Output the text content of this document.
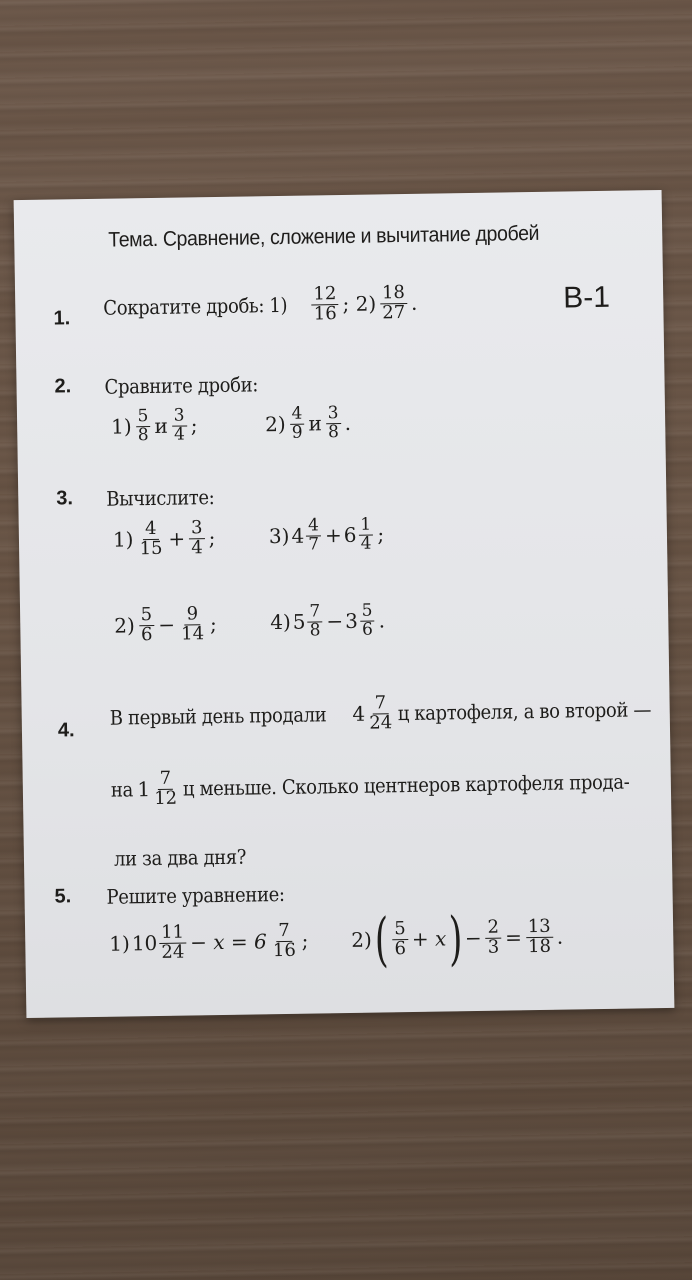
Тема. Сравнение, сложение и вычитание дробей
В-1
1. Сократите дробь: $1) \frac{12}{16}$ ; $2) \frac{18}{27}$ .
2. Сравните дроби:
$1) \frac{5}{8}$ и $\frac{3}{4}$ ;	$2) \frac{4}{9}$ и $\frac{3}{8}$ .
3. Вычислите:
$1) \frac{4}{15} + \frac{3}{4}$ ;	3) $4 \frac{4}{7} + 6 \frac{1}{4}$ ;
$2) \frac{5}{6} - \frac{9}{14}$ ;	4) $5 \frac{7}{8} - 3 \frac{5}{6}$ .
4.
В первый день продали $4 \frac{7}{24}$ ц картофеля, а во второй —
на $1 \frac{7}{12}$ ц меньше. Сколько центнеров картофеля прода-
ли за два дня?
5. Решите уравнение:
1) $10 \frac{11}{24} - x = 6 \frac{7}{16}$ ; 2) ( $\frac{5}{6} + x$ ) − $\frac{2}{3} = \frac{13}{18}$ .
